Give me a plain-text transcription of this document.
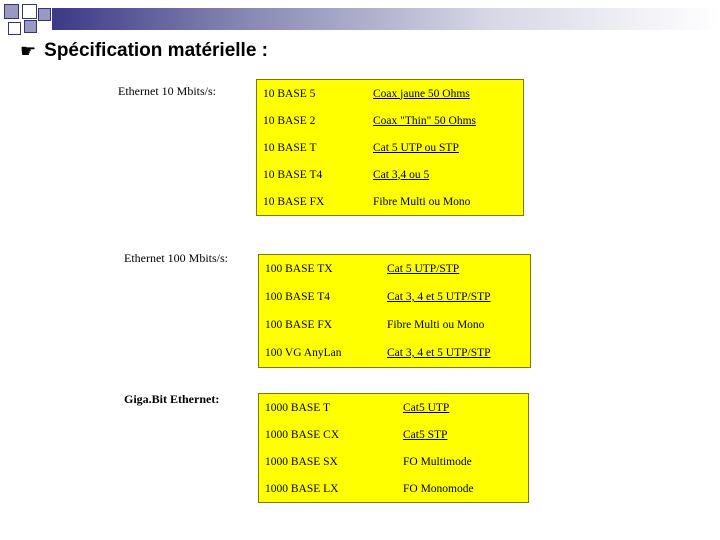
☛ Spécification matérielle :
Ethernet 10 Mbits/s:	10 BASE 5	Coax jaune 50 Ohms
10 BASE 2	Coax "Thin" 50 Ohms
10 BASE T	Cat 5 UTP ou STP
10 BASE T4	Cat 3,4 ou 5
10 BASE FX	Fibre Multi ou Mono
Ethernet 100 Mbits/s:
100 BASE TX	Cat 5 UTP/STP
100 BASE T4	Cat 3, 4 et 5 UTP/STP
100 BASE FX	Fibre Multi ou Mono
100 VG AnyLan	Cat 3, 4 et 5 UTP/STP
Giga.Bit Ethernet:
1000 BASE T	Cat5 UTP
1000 BASE CX	Cat5 STP
1000 BASE SX	FO Multimode
1000 BASE LX	FO Monomode
